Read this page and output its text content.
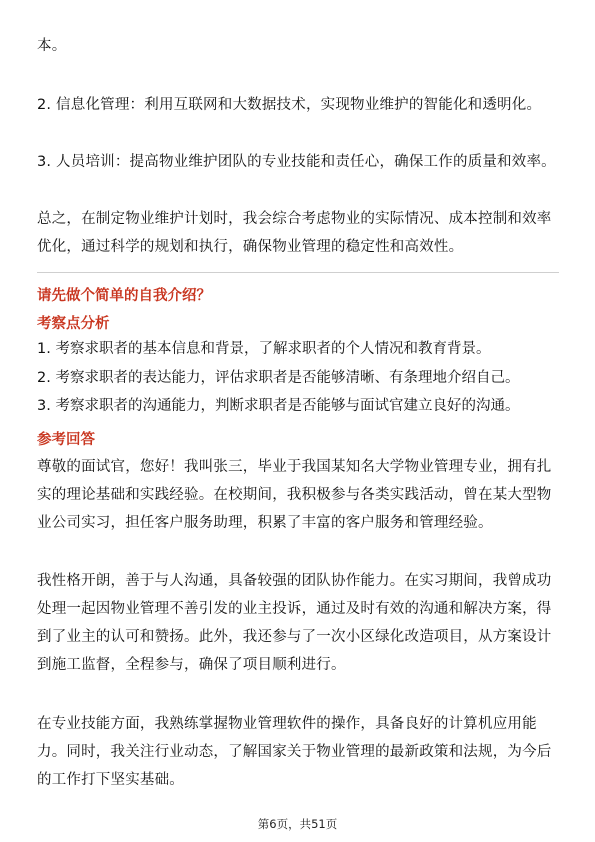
本。
2. 信息化管理：利用互联网和大数据技术，实现物业维护的智能化和透明化。
3. 人员培训：提高物业维护团队的专业技能和责任心，确保工作的质量和效率。
总之，在制定物业维护计划时，我会综合考虑物业的实际情况、成本控制和效率优化，通过科学的规划和执行，确保物业管理的稳定性和高效性。
请先做个简单的自我介绍？
考察点分析
1. 考察求职者的基本信息和背景，了解求职者的个人情况和教育背景。
2. 考察求职者的表达能力，评估求职者是否能够清晰、有条理地介绍自己。
3. 考察求职者的沟通能力，判断求职者是否能够与面试官建立良好的沟通。
参考回答
尊敬的面试官，您好！我叫张三，毕业于我国某知名大学物业管理专业，拥有扎实的理论基础和实践经验。在校期间，我积极参与各类实践活动，曾在某大型物业公司实习，担任客户服务助理，积累了丰富的客户服务和管理经验。
我性格开朗，善于与人沟通，具备较强的团队协作能力。在实习期间，我曾成功处理一起因物业管理不善引发的业主投诉，通过及时有效的沟通和解决方案，得到了业主的认可和赞扬。此外，我还参与了一次小区绿化改造项目，从方案设计到施工监督，全程参与，确保了项目顺利进行。
在专业技能方面，我熟练掌握物业管理软件的操作，具备良好的计算机应用能力。同时，我关注行业动态，了解国家关于物业管理的最新政策和法规，为今后的工作打下坚实基础。
第6页，共51页
